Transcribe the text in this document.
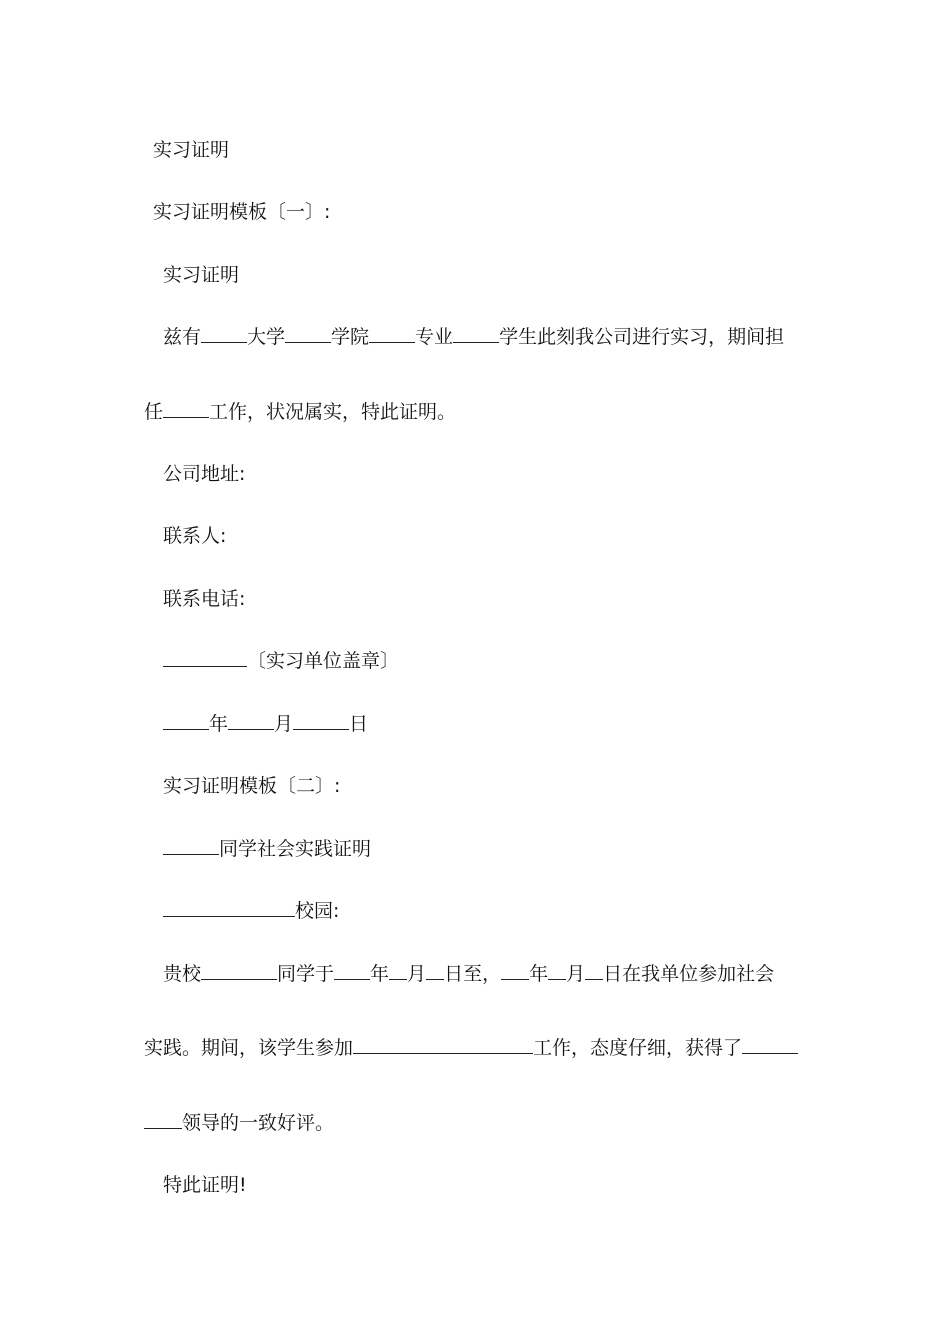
实习证明
实习证明模板〔一〕:
实习证明
兹有 大学 学院 专业 学生此刻我公司进行实习，期间担
任 工作，状况属实，特此证明。
公司地址:
联系人:
联系电话:
〔实习单位盖章〕
年 月	日
实习证明模板〔二〕:
同学社会实践证明
校园:
贵校	同学于 年 月 日至， 年 月 日在我单位参加社会
实践。期间，该学生参加	工作，态度仔细，获得了
领导的一致好评。
特此证明!
